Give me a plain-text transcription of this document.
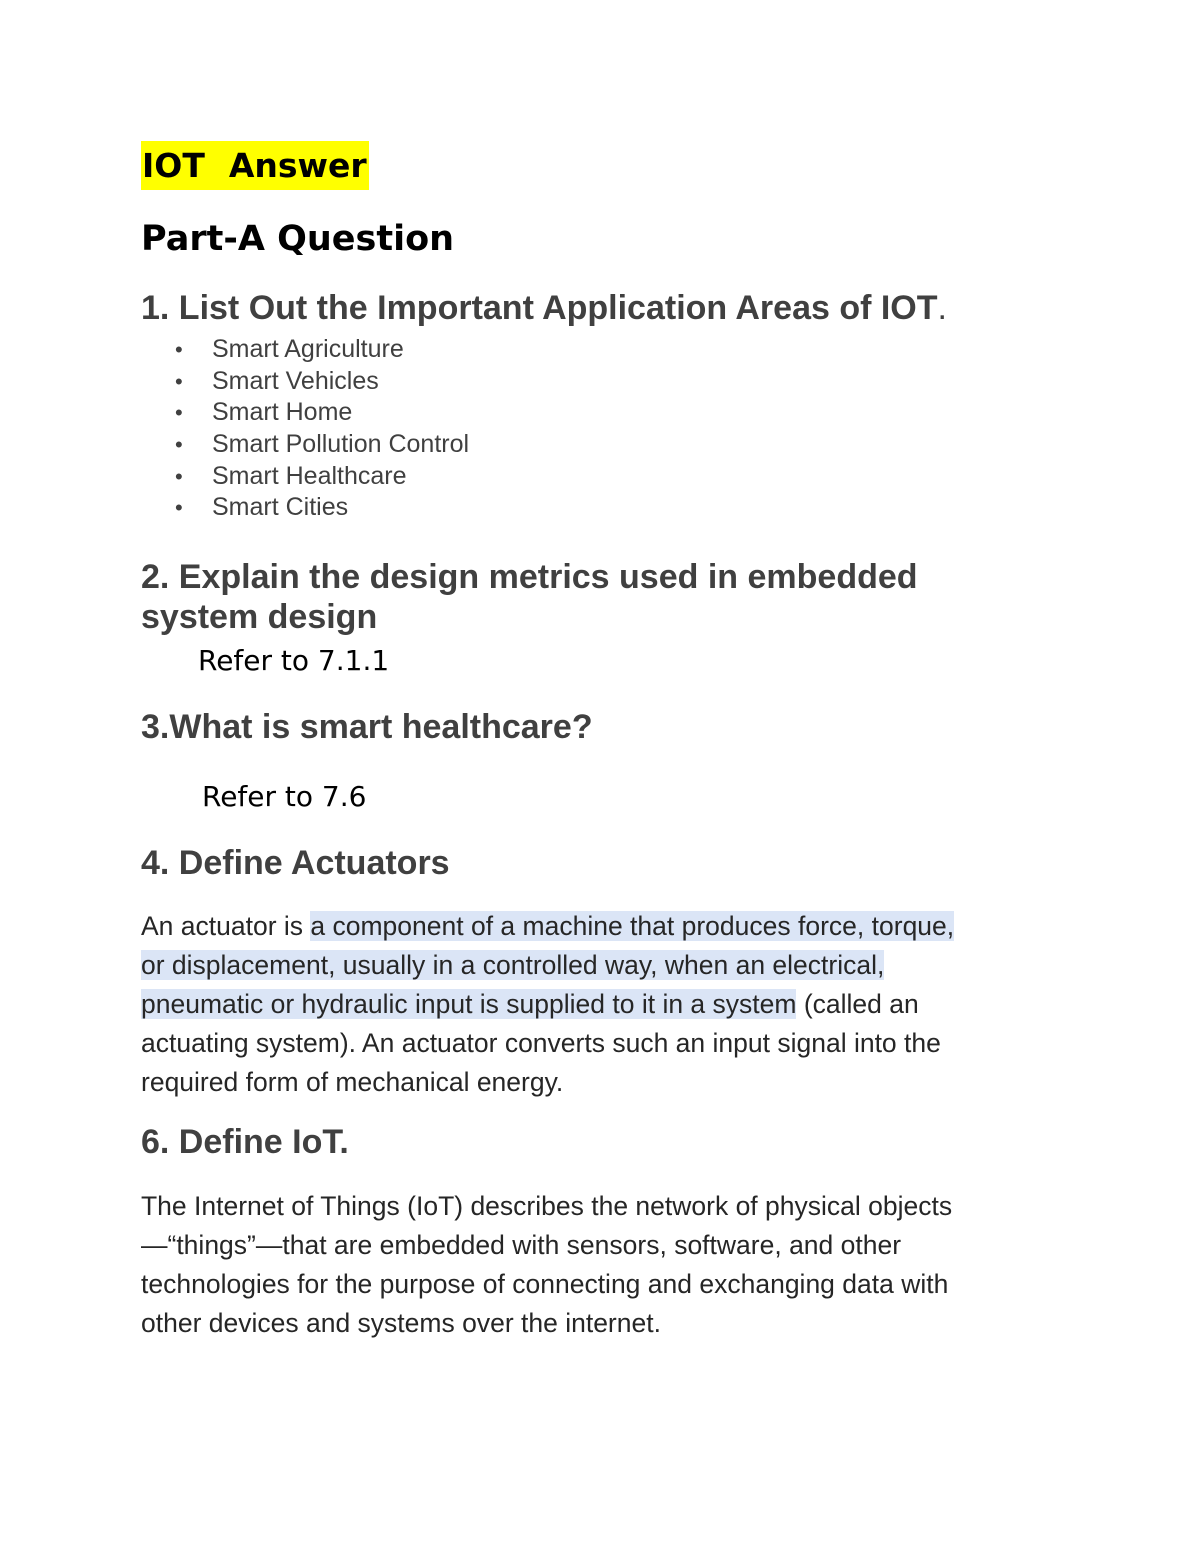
IOT Answer
Part-A Question
1. List Out the Important Application Areas of IOT.
• Smart Agriculture
• Smart Vehicles
• Smart Home
• Smart Pollution Control
• Smart Healthcare
• Smart Cities
2. Explain the design metrics used in embedded
system design
Refer to 7.1.1
3.What is smart healthcare?
Refer to 7.6
4. Define Actuators
An actuator is a component of a machine that produces force, torque,
or displacement, usually in a controlled way, when an electrical,
pneumatic or hydraulic input is supplied to it in a system (called an
actuating system). An actuator converts such an input signal into the
required form of mechanical energy.
6. Define IoT.
The Internet of Things (IoT) describes the network of physical objects
—“things”—that are embedded with sensors, software, and other
technologies for the purpose of connecting and exchanging data with
other devices and systems over the internet.
